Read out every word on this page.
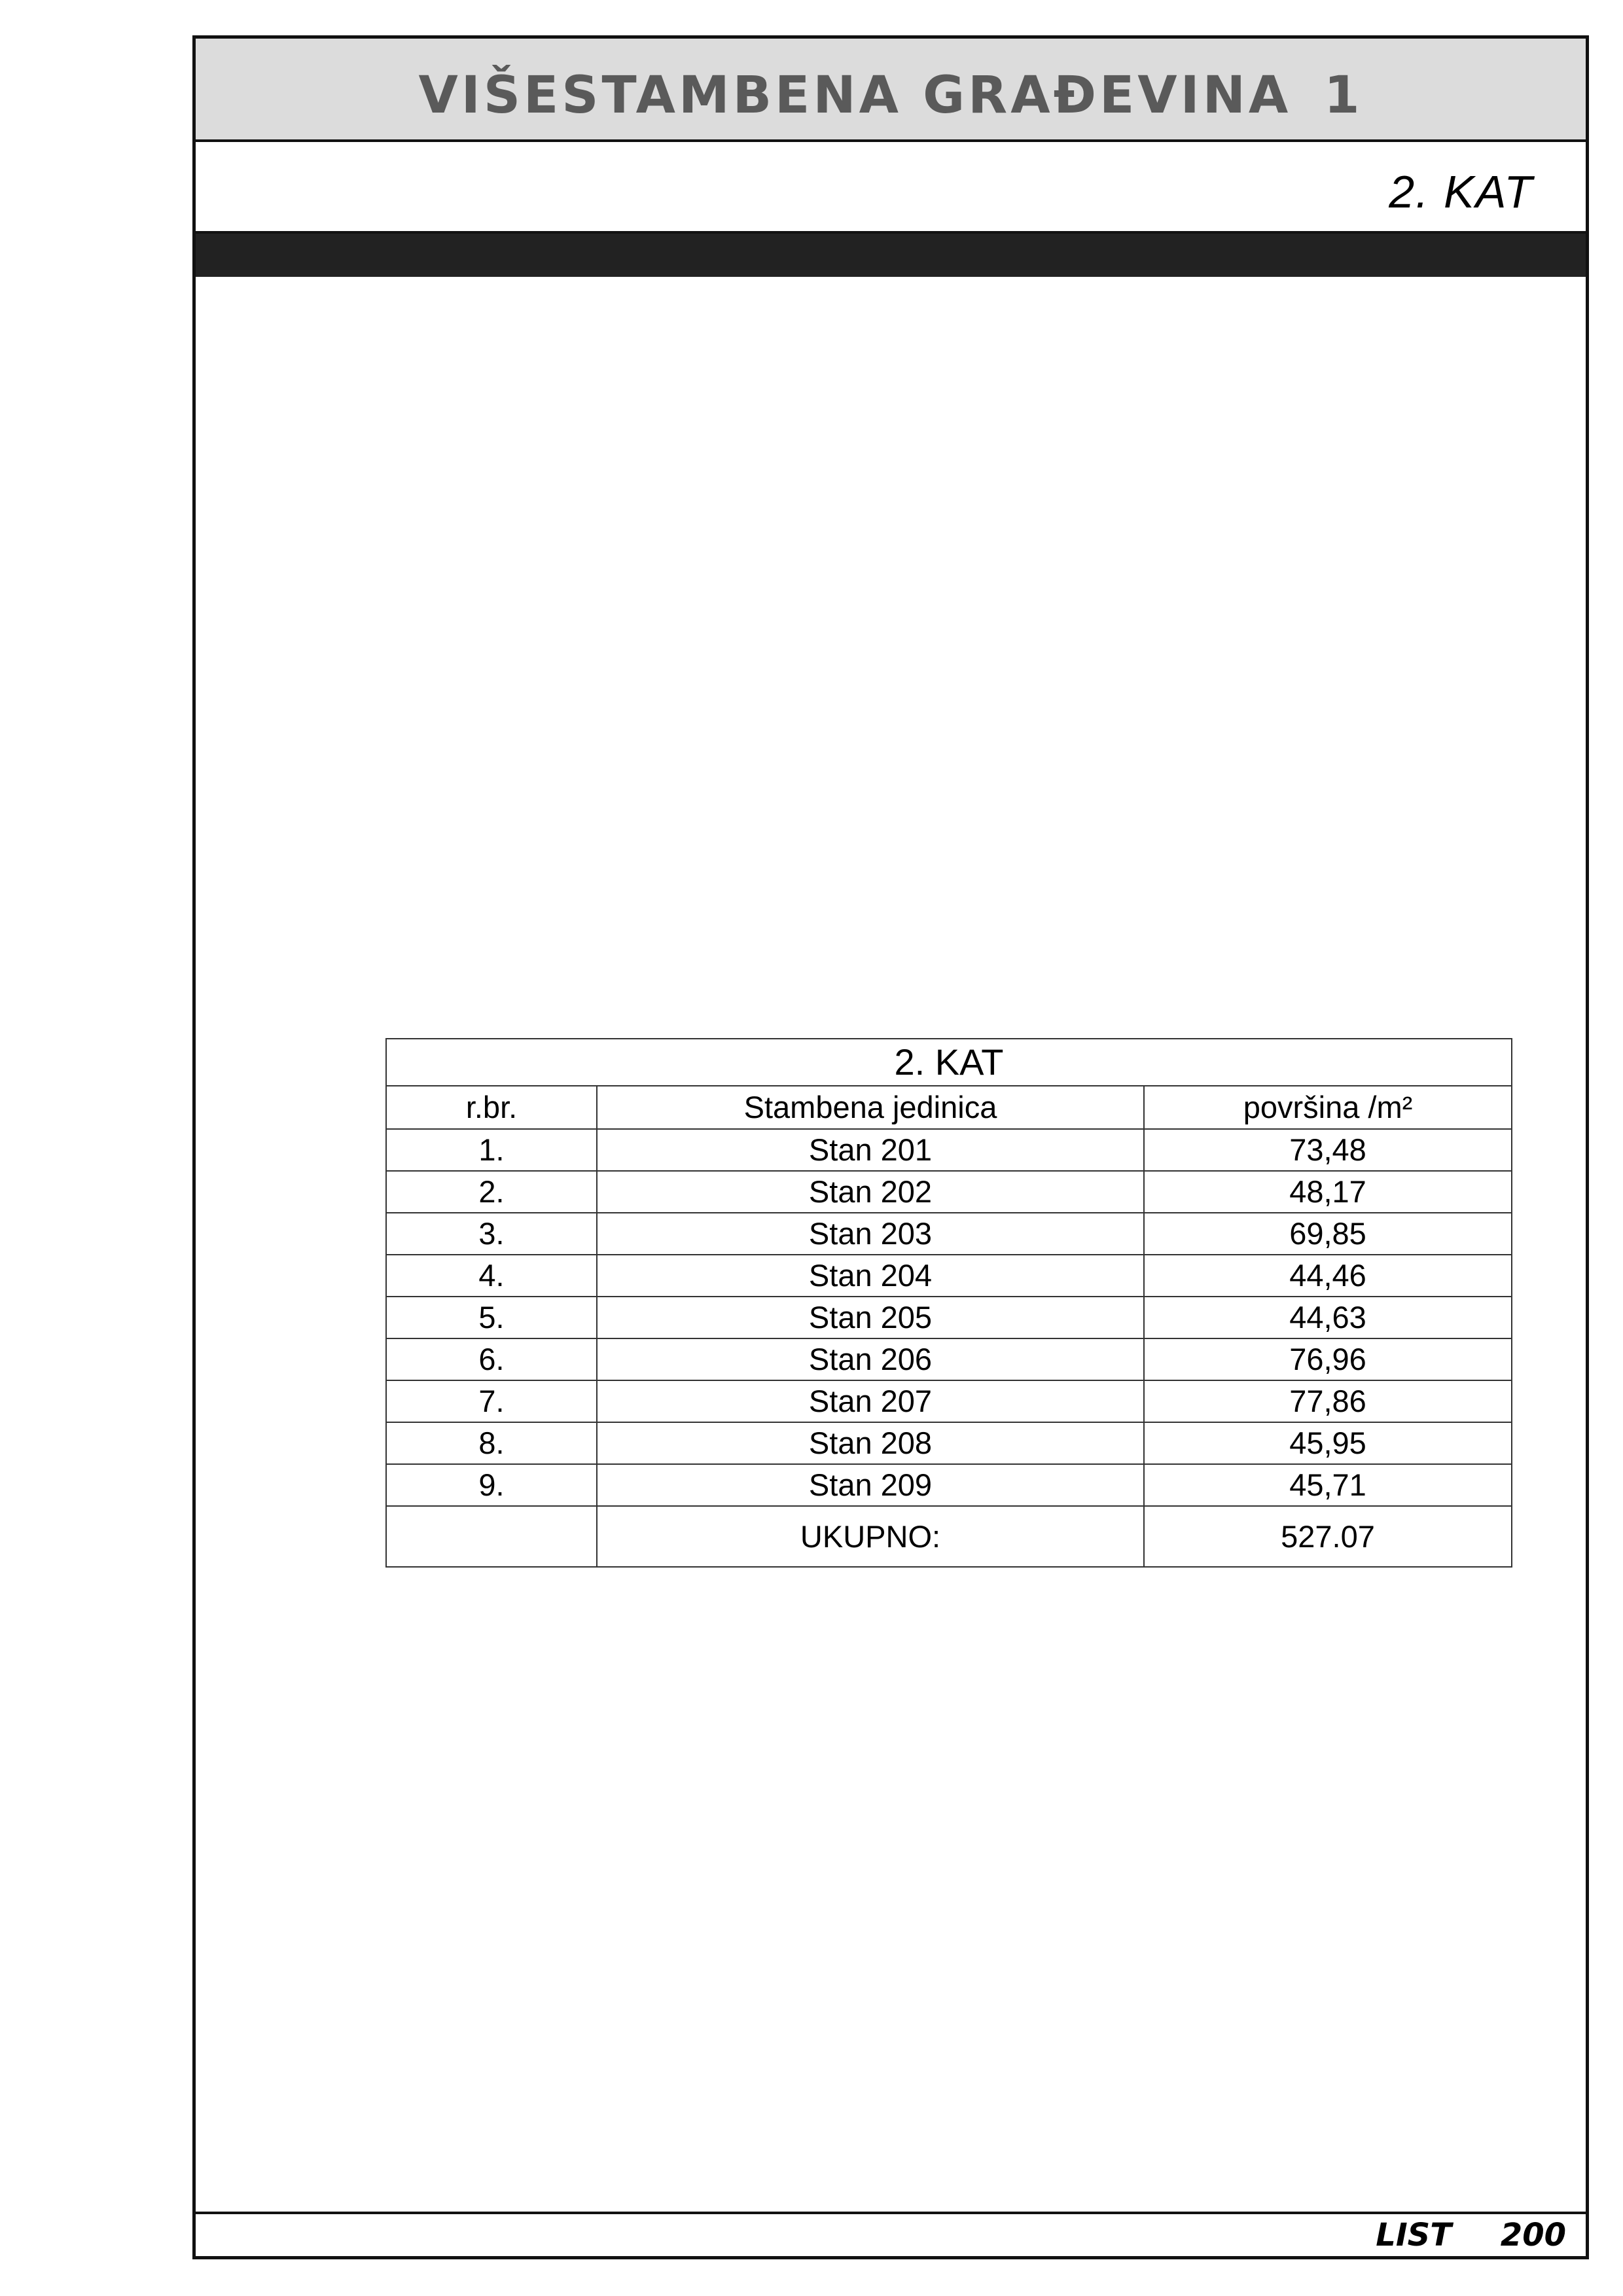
VIŠESTAMBENA GRAĐEVINA 1
2. KAT
2. KAT		
r.br.	Stambena jedinica	površina /m²
1.	Stan 201	73,48
2.	Stan 202	48,17
3.	Stan 203	69,85
4.	Stan 204	44,46
5.	Stan 205	44,63
6.	Stan 206	76,96
7.	Stan 207	77,86
8.	Stan 208	45,95
9.	Stan 209	45,71
	UKUPNO:	527.07
LIST 200
